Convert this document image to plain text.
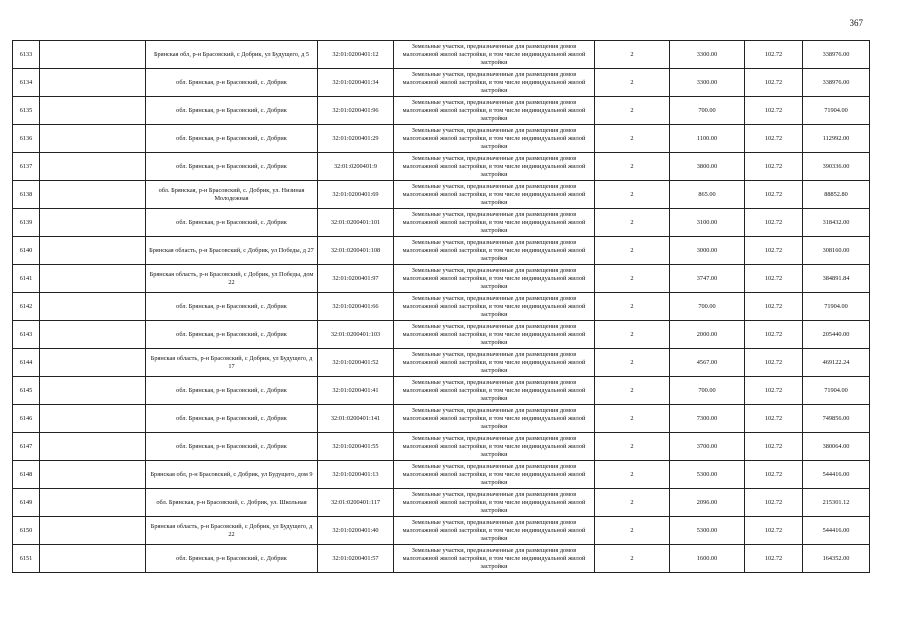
367
6133		Брянская обл, р-н Брасовский, с Добрик, ул Будущего, д 5	32:01:0200401:12	Земельные участки, предназначенные для размещения домов малоэтажной жилой застройки, в том числе индивидуальной жилой застройки	2	3300.00	102.72	338976.00
6134		обл. Брянская, р-н Брасовский, с. Добрик	32:01:0200401:34	Земельные участки, предназначенные для размещения домов малоэтажной жилой застройки, в том числе индивидуальной жилой застройки	2	3300.00	102.72	338976.00
6135		обл. Брянская, р-н Брасовский, с. Добрик	32:01:0200401:96	Земельные участки, предназначенные для размещения домов малоэтажной жилой застройки, в том числе индивидуальной жилой застройки	2	700.00	102.72	71904.00
6136		обл. Брянская, р-н Брасовский, с. Добрик	32:01:0200401:29	Земельные участки, предназначенные для размещения домов малоэтажной жилой застройки, в том числе индивидуальной жилой застройки	2	1100.00	102.72	112992.00
6137		обл. Брянская, р-н Брасовский, с. Добрик	32:01:0200401:9	Земельные участки, предназначенные для размещения домов малоэтажной жилой застройки, в том числе индивидуальной жилой застройки	2	3800.00	102.72	390336.00
6138		обл. Брянская, р-н Брасовский, с. Добрик, ул. Низиная Молодежная	32:01:0200401:69	Земельные участки, предназначенные для размещения домов малоэтажной жилой застройки, в том числе индивидуальной жилой застройки	2	865.00	102.72	88852.80
6139		обл. Брянская, р-н Брасовский, с. Добрик	32:01:0200401:101	Земельные участки, предназначенные для размещения домов малоэтажной жилой застройки, в том числе индивидуальной жилой застройки	2	3100.00	102.72	318432.00
6140		Брянская область, р-н Брасовский, с Добрик, ул Победы, д 27	32:01:0200401:108	Земельные участки, предназначенные для размещения домов малоэтажной жилой застройки, в том числе индивидуальной жилой застройки	2	3000.00	102.72	308160.00
6141		Брянская область, р-н Брасовский, с Добрик, ул Победы, дом 22	32:01:0200401:97	Земельные участки, предназначенные для размещения домов малоэтажной жилой застройки, в том числе индивидуальной жилой застройки	2	3747.00	102.72	384891.84
6142		обл. Брянская, р-н Брасовский, с. Добрик	32:01:0200401:66	Земельные участки, предназначенные для размещения домов малоэтажной жилой застройки, в том числе индивидуальной жилой застройки	2	700.00	102.72	71904.00
6143		обл. Брянская, р-н Брасовский, с. Добрик	32:01:0200401:103	Земельные участки, предназначенные для размещения домов малоэтажной жилой застройки, в том числе индивидуальной жилой застройки	2	2000.00	102.72	205440.00
6144		Брянская область, р-н Брасовский, с Добрик, ул Будущего, д 17	32:01:0200401:52	Земельные участки, предназначенные для размещения домов малоэтажной жилой застройки, в том числе индивидуальной жилой застройки	2	4567.00	102.72	469122.24
6145		обл. Брянская, р-н Брасовский, с. Добрик	32:01:0200401:41	Земельные участки, предназначенные для размещения домов малоэтажной жилой застройки, в том числе индивидуальной жилой застройки	2	700.00	102.72	71904.00
6146		обл. Брянская, р-н Брасовский, с. Добрик	32:01:0200401:141	Земельные участки, предназначенные для размещения домов малоэтажной жилой застройки, в том числе индивидуальной жилой застройки	2	7300.00	102.72	749856.00
6147		обл. Брянская, р-н Брасовский, с. Добрик	32:01:0200401:55	Земельные участки, предназначенные для размещения домов малоэтажной жилой застройки, в том числе индивидуальной жилой застройки	2	3700.00	102.72	380064.00
6148		Брянская обл, р-н Брасовский, с Добрик, ул Будущего, дом 9	32:01:0200401:13	Земельные участки, предназначенные для размещения домов малоэтажной жилой застройки, в том числе индивидуальной жилой застройки	2	5300.00	102.72	544416.00
6149		обл. Брянская, р-н Брасовский, с. Добрик, ул. Школьная	32:01:0200401:117	Земельные участки, предназначенные для размещения домов малоэтажной жилой застройки, в том числе индивидуальной жилой застройки	2	2096.00	102.72	215301.12
6150		Брянская область, р-н Брасовский, с Добрик, ул Будущего, д 22	32:01:0200401:40	Земельные участки, предназначенные для размещения домов малоэтажной жилой застройки, в том числе индивидуальной жилой застройки	2	5300.00	102.72	544416.00
6151		обл. Брянская, р-н Брасовский, с. Добрик	32:01:0200401:57	Земельные участки, предназначенные для размещения домов малоэтажной жилой застройки, в том числе индивидуальной жилой застройки	2	1600.00	102.72	164352.00
